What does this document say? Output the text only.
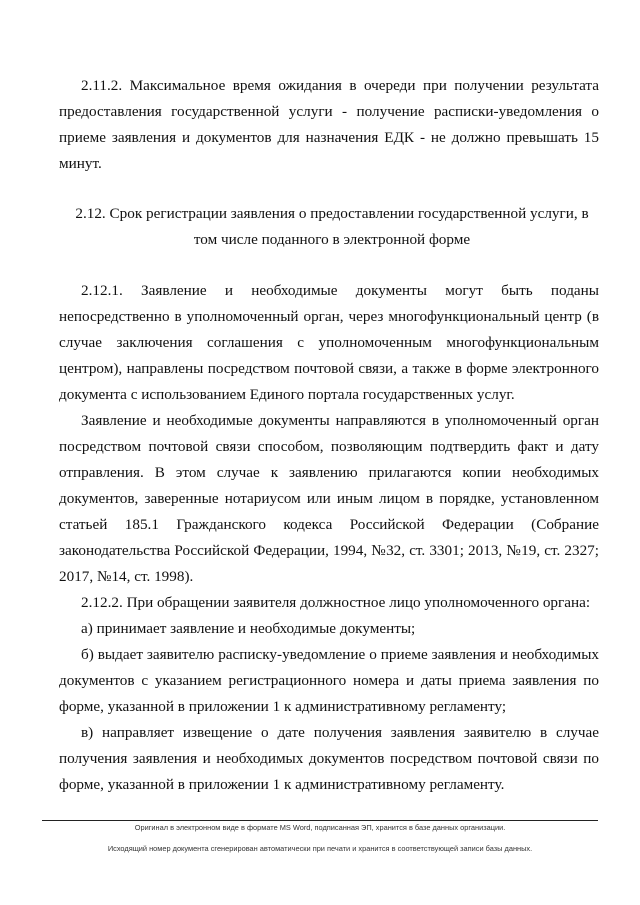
2.11.2. Максимальное время ожидания в очереди при получении результата предоставления государственной услуги - получение расписки-уведомления о приеме заявления и документов для назначения ЕДК - не должно превышать 15 минут.

2.12. Срок регистрации заявления о предоставлении государственной услуги, в том числе поданного в электронной форме

2.12.1. Заявление и необходимые документы могут быть поданы непосредственно в уполномоченный орган, через многофункциональный центр (в случае заключения соглашения с уполномоченным многофункциональным центром), направлены посредством почтовой связи, а также в форме электронного документа с использованием Единого портала государственных услуг.

Заявление и необходимые документы направляются в уполномоченный орган посредством почтовой связи способом, позволяющим подтвердить факт и дату отправления. В этом случае к заявлению прилагаются копии необходимых документов, заверенные нотариусом или иным лицом в порядке, установленном статьей 185.1 Гражданского кодекса Российской Федерации (Собрание законодательства Российской Федерации, 1994, №32, ст. 3301; 2013, №19, ст. 2327; 2017, №14, ст. 1998).

2.12.2. При обращении заявителя должностное лицо уполномоченного органа:

а) принимает заявление и необходимые документы;

б) выдает заявителю расписку-уведомление о приеме заявления и необходимых документов с указанием регистрационного номера и даты приема заявления по форме, указанной в приложении 1 к административному регламенту;

в) направляет извещение о дате получения заявления заявителю в случае получения заявления и необходимых документов посредством почтовой связи по форме, указанной в приложении 1 к административному регламенту.

Оригинал в электронном виде в формате MS Word, подписанная ЭП, хранится в базе данных организации.
Исходящий номер документа сгенерирован автоматически при печати и хранится в соответствующей записи базы данных.
